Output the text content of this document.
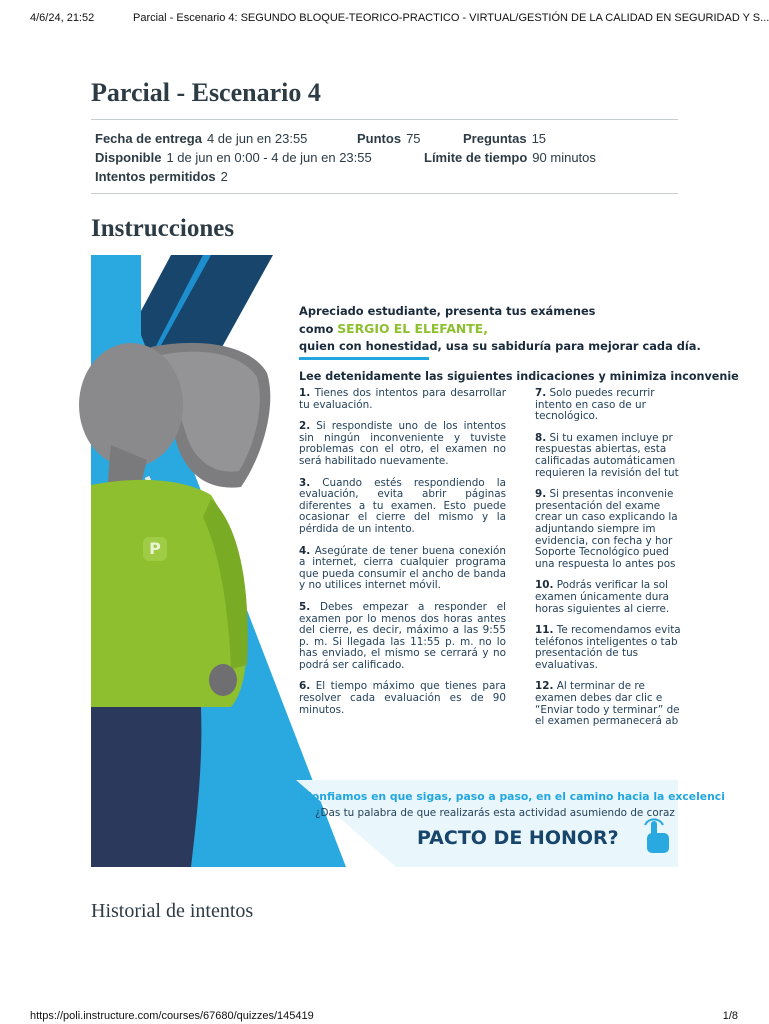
4/6/24, 21:52	Parcial - Escenario 4: SEGUNDO BLOQUE-TEORICO-PRACTICO - VIRTUAL/GESTIÓN DE LA CALIDAD EN SEGURIDAD Y S...
Parcial - Escenario 4
Fecha de entrega 4 de jun en 23:55	Puntos 75	Preguntas 15
Disponible 1 de jun en 0:00 - 4 de jun en 23:55	Límite de tiempo 90 minutos
Intentos permitidos 2
Instrucciones
P
Apreciado estudiante, presenta tus exámenes
como SERGIO EL ELEFANTE,
quien con honestidad, usa su sabiduría para mejorar cada día.
Lee detenidamente las siguientes indicaciones y minimiza inconvenie
1. Tienes dos intentos para desarrollar tu evaluación.
2. Si respondiste uno de los intentos sin ningún inconveniente y tuviste problemas con el otro, el examen no será habilitado nuevamente.
3. Cuando estés respondiendo la evaluación, evita abrir páginas diferentes a tu examen. Esto puede ocasionar el cierre del mismo y la pérdida de un intento.
4. Asegúrate de tener buena conexión a internet, cierra cualquier programa que pueda consumir el ancho de banda y no utilices internet móvil.
5. Debes empezar a responder el examen por lo menos dos horas antes del cierre, es decir, máximo a las 9:55 p. m. Si llegada las 11:55 p. m. no lo has enviado, el mismo se cerrará y no podrá ser calificado.
6. El tiempo máximo que tienes para resolver cada evaluación es de 90 minutos.
7. Solo puedes recurrir
intento en caso de ur
tecnológico.
8. Si tu examen incluye pr
respuestas abiertas, esta
calificadas automáticamen
requieren la revisión del tut
9. Si presentas inconvenie
presentación del exame
crear un caso explicando la
adjuntando siempre im
evidencia, con fecha y hor
Soporte Tecnológico pued
una respuesta lo antes pos
10. Podrás verificar la sol
examen únicamente dura
horas siguientes al cierre.
11. Te recomendamos evita
teléfonos inteligentes o tab
presentación de tus
evaluativas.
12. Al terminar de re
examen debes dar clic e
“Enviar todo y terminar” de
el examen permanecerá ab
¡Confiamos en que sigas, paso a paso, en el camino hacia la excelenci
¿Das tu palabra de que realizarás esta actividad asumiendo de coraz
PACTO DE HONOR?
Historial de intentos
https://poli.instructure.com/courses/67680/quizzes/145419	1/8
